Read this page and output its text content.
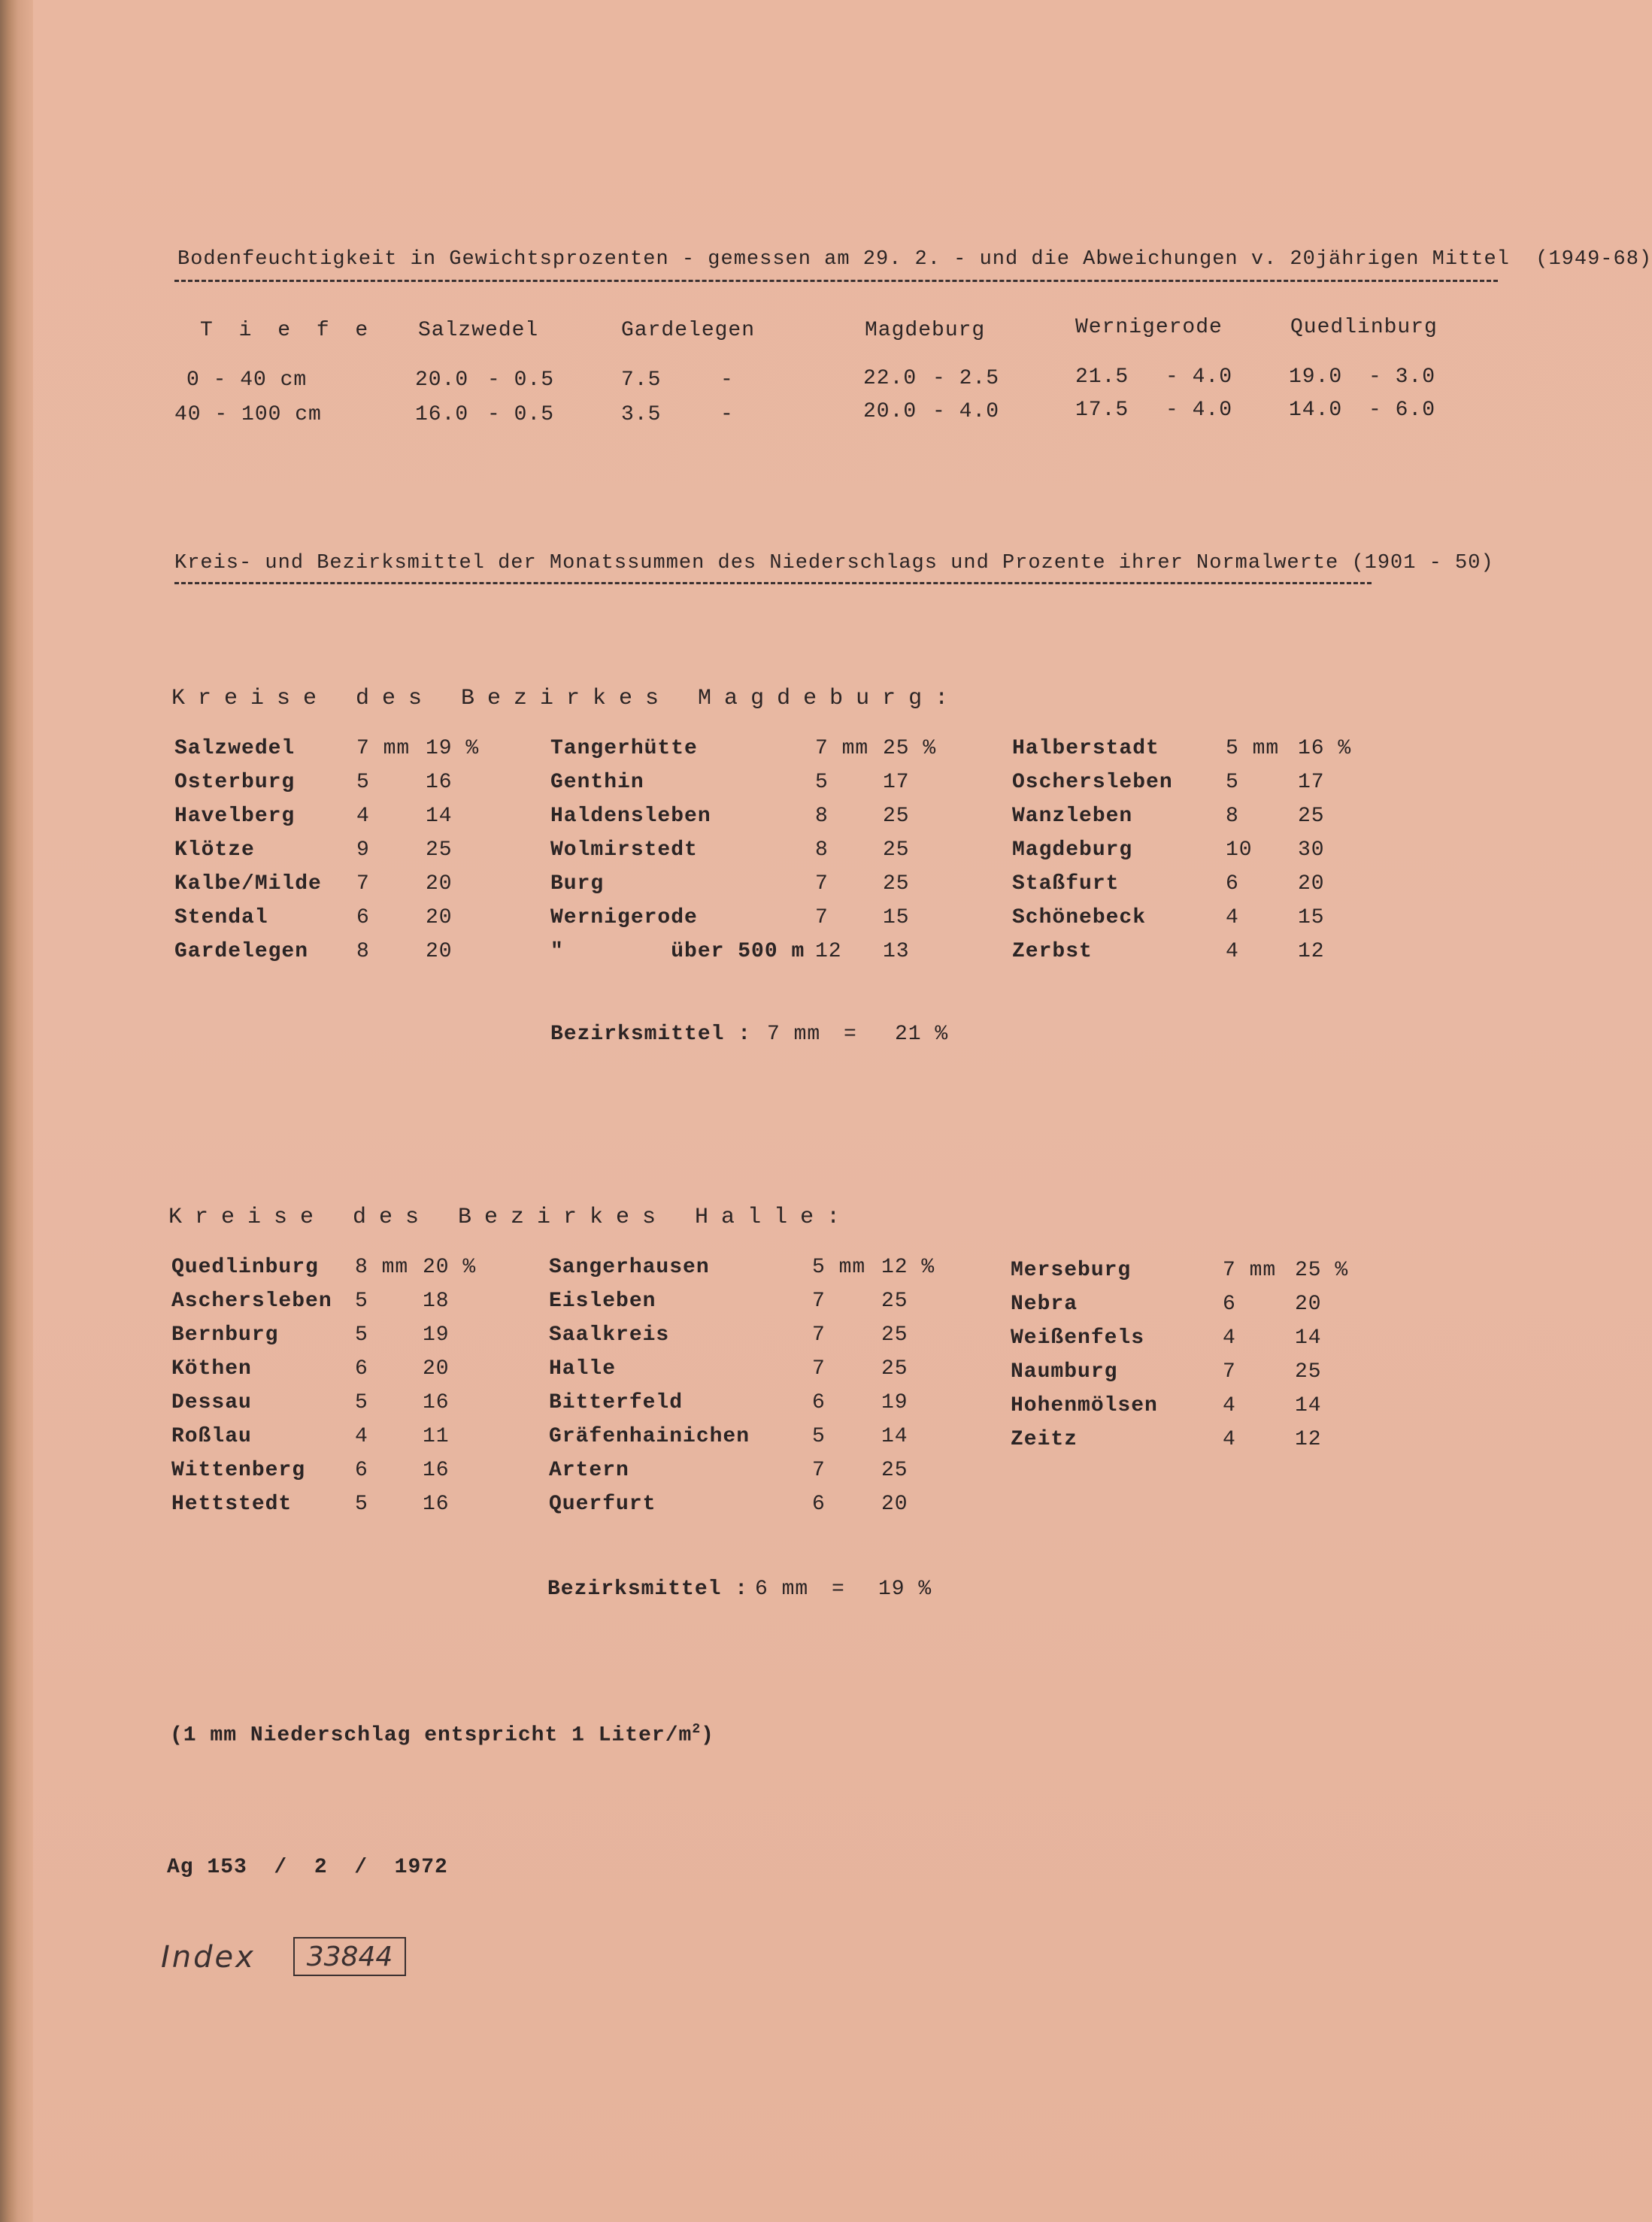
Bodenfeuchtigkeit in Gewichtsprozenten - gemessen am 29. 2. - und die Abweichungen v. 20jährigen Mittel  (1949-68)
T i e f e Salzwedel	Gardelegen	Magdeburg	Wernigerode	Quedlinburg
0 - 40 cm	20.0 - 0.5	7.5	-	22.0 - 2.5	21.5 - 4.0	19.0 - 3.0
40 - 100 cm	16.0 - 0.5	3.5	-	20.0 - 4.0	17.5 - 4.0	14.0 - 6.0
Kreis- und Bezirksmittel der Monatssummen des Niederschlags und Prozente ihrer Normalwerte (1901 - 50)
Kreise des Bezirkes Magdeburg:
Salzwedel	7 mm 19 %
Osterburg	5	16
Havelberg	4	14
Klötze	9	25
Kalbe/Milde 7	20
Stendal	6	20
Gardelegen 8	20
Tangerhütte	7 mm 25 %
Genthin	5	17
Haldensleben	8	25
Wolmirstedt	8	25
Burg	7	25
Wernigerode	7	15
"        über 500 m 12 13
Halberstadt	5 mm 16 %
Oschersleben	5	17
Wanzleben	8	25
Magdeburg	10 30
Staßfurt	6	20
Schönebeck	4	15
Zerbst	4	12
Bezirksmittel : 7 mm = 21 %
Kreise des Bezirkes Halle:
Quedlinburg 8 mm 20 %
Aschersleben 5	18
Bernburg	5	19
Köthen	6	20
Dessau	5	16
Roßlau	4	11
Wittenberg 6	16
Hettstedt	5	16
Sangerhausen	5 mm 12 %
Eisleben	7	25
Saalkreis	7	25
Halle	7	25
Bitterfeld	6	19
Gräfenhainichen	5	14
Artern	7	25
Querfurt	6	20
Merseburg	7 mm 25 %
Nebra	6	20
Weißenfels	4	14
Naumburg	7	25
Hohenmölsen	4	14
Zeitz	4	12
Bezirksmittel : 6 mm = 19 %
(1 mm Niederschlag entspricht 1 Liter/$m^2$)
Ag 153  /  2  /  1972
Index 33844
